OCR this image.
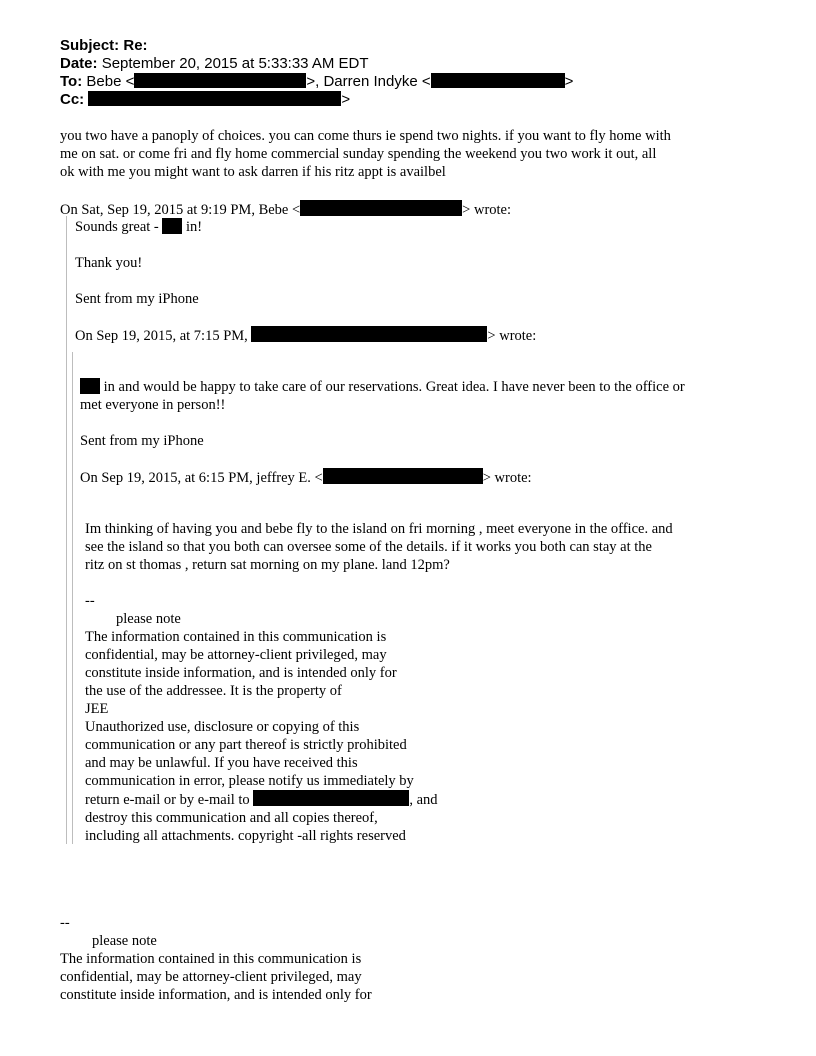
Subject: Re:
Date: September 20, 2015 at 5:33:33 AM EDT
To: Bebe <	>, Darren Indyke <	>
Cc:	>
you two have a panoply of choices. you can come thurs ie spend two nights. if you want to fly home with
me on sat. or come fri and fly home commercial sunday spending the weekend you two work it out, all
ok with me you might want to ask darren if his ritz appt is availbel
On Sat, Sep 19, 2015 at 9:19 PM, Bebe <	> wrote:
Sounds great -  in!
Thank you!
Sent from my iPhone
On Sep 19, 2015, at 7:15 PM,	> wrote:
in and would be happy to take care of our reservations. Great idea. I have never been to the office or
met everyone in person!!
Sent from my iPhone
On Sep 19, 2015, at 6:15 PM, jeffrey E. <	> wrote:
Im thinking of having you and bebe fly to the island on fri morning , meet everyone in the office. and
see the island so that you both can oversee some of the details. if it works you both can stay at the
ritz on st thomas , return sat morning on my plane. land 12pm?
--
please note
The information contained in this communication is
confidential, may be attorney-client privileged, may
constitute inside information, and is intended only for
the use of the addressee. It is the property of
JEE
Unauthorized use, disclosure or copying of this
communication or any part thereof is strictly prohibited
and may be unlawful. If you have received this
communication in error, please notify us immediately by
return e-mail or by e-mail to	, and
destroy this communication and all copies thereof,
including all attachments. copyright -all rights reserved
--
please note
The information contained in this communication is
confidential, may be attorney-client privileged, may
constitute inside information, and is intended only for
